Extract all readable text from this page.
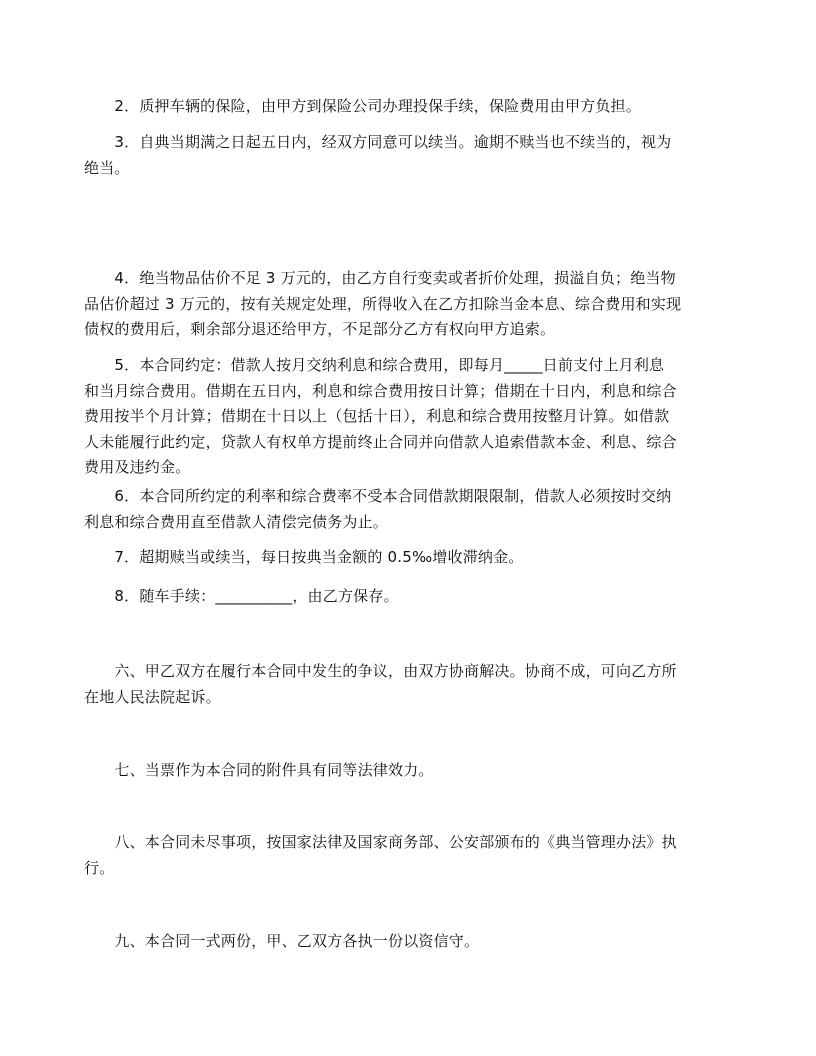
　　2．质押车辆的保险，由甲方到保险公司办理投保手续，保险费用由甲方负担。

　　3．自典当期满之日起五日内，经双方同意可以续当。逾期不赎当也不续当的，视为
绝当。

　　4．绝当物品估价不足 3 万元的，由乙方自行变卖或者折价处理，损溢自负；绝当物
品估价超过 3 万元的，按有关规定处理，所得收入在乙方扣除当金本息、综合费用和实现
债权的费用后，剩余部分退还给甲方，不足部分乙方有权向甲方追索。

　　5．本合同约定：借款人按月交纳利息和综合费用，即每月_____日前支付上月利息
和当月综合费用。借期在五日内，利息和综合费用按日计算；借期在十日内，利息和综合
费用按半个月计算；借期在十日以上（包括十日），利息和综合费用按整月计算。如借款
人未能履行此约定，贷款人有权单方提前终止合同并向借款人追索借款本金、利息、综合
费用及违约金。

　　6．本合同所约定的利率和综合费率不受本合同借款期限限制，借款人必须按时交纳
利息和综合费用直至借款人清偿完债务为止。

　　7．超期赎当或续当，每日按典当金额的 0.5‰增收滞纳金。

　　8．随车手续：__________，由乙方保存。

　　六、甲乙双方在履行本合同中发生的争议，由双方协商解决。协商不成，可向乙方所
在地人民法院起诉。

　　七、当票作为本合同的附件具有同等法律效力。

　　八、本合同未尽事项，按国家法律及国家商务部、公安部颁布的《典当管理办法》执
行。

　　九、本合同一式两份，甲、乙双方各执一份以资信守。
